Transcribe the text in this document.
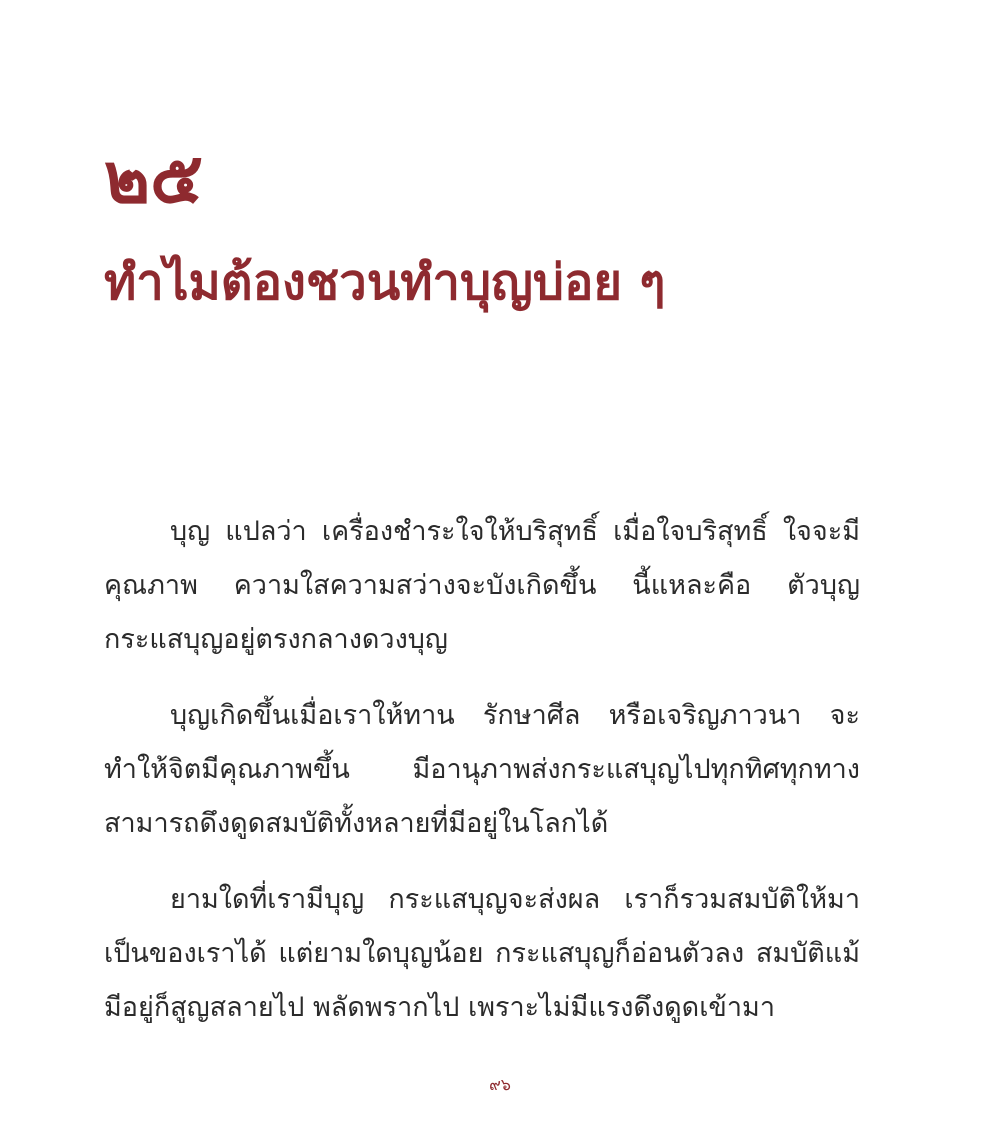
๒๕
ทำไมต้องชวนทำบุญบ่อย ๆ

บุญ แปลว่า เครื่องชำระใจให้บริสุทธิ์ เมื่อใจบริสุทธิ์ ใจจะมีคุณภาพ ความใสความสว่างจะบังเกิดขึ้น นี้แหละคือ ตัวบุญ กระแสบุญอยู่ตรงกลางดวงบุญ

บุญเกิดขึ้นเมื่อเราให้ทาน รักษาศีล หรือเจริญภาวนา จะทำให้จิตมีคุณภาพขึ้น มีอานุภาพส่งกระแสบุญไปทุกทิศทุกทาง สามารถดึงดูดสมบัติทั้งหลายที่มีอยู่ในโลกได้

ยามใดที่เรามีบุญ กระแสบุญจะส่งผล เราก็รวมสมบัติให้มาเป็นของเราได้ แต่ยามใดบุญน้อย กระแสบุญก็อ่อนตัวลง สมบัติแม้มีอยู่ก็สูญสลายไป พลัดพรากไป เพราะไม่มีแรงดึงดูดเข้ามา

๙๖
